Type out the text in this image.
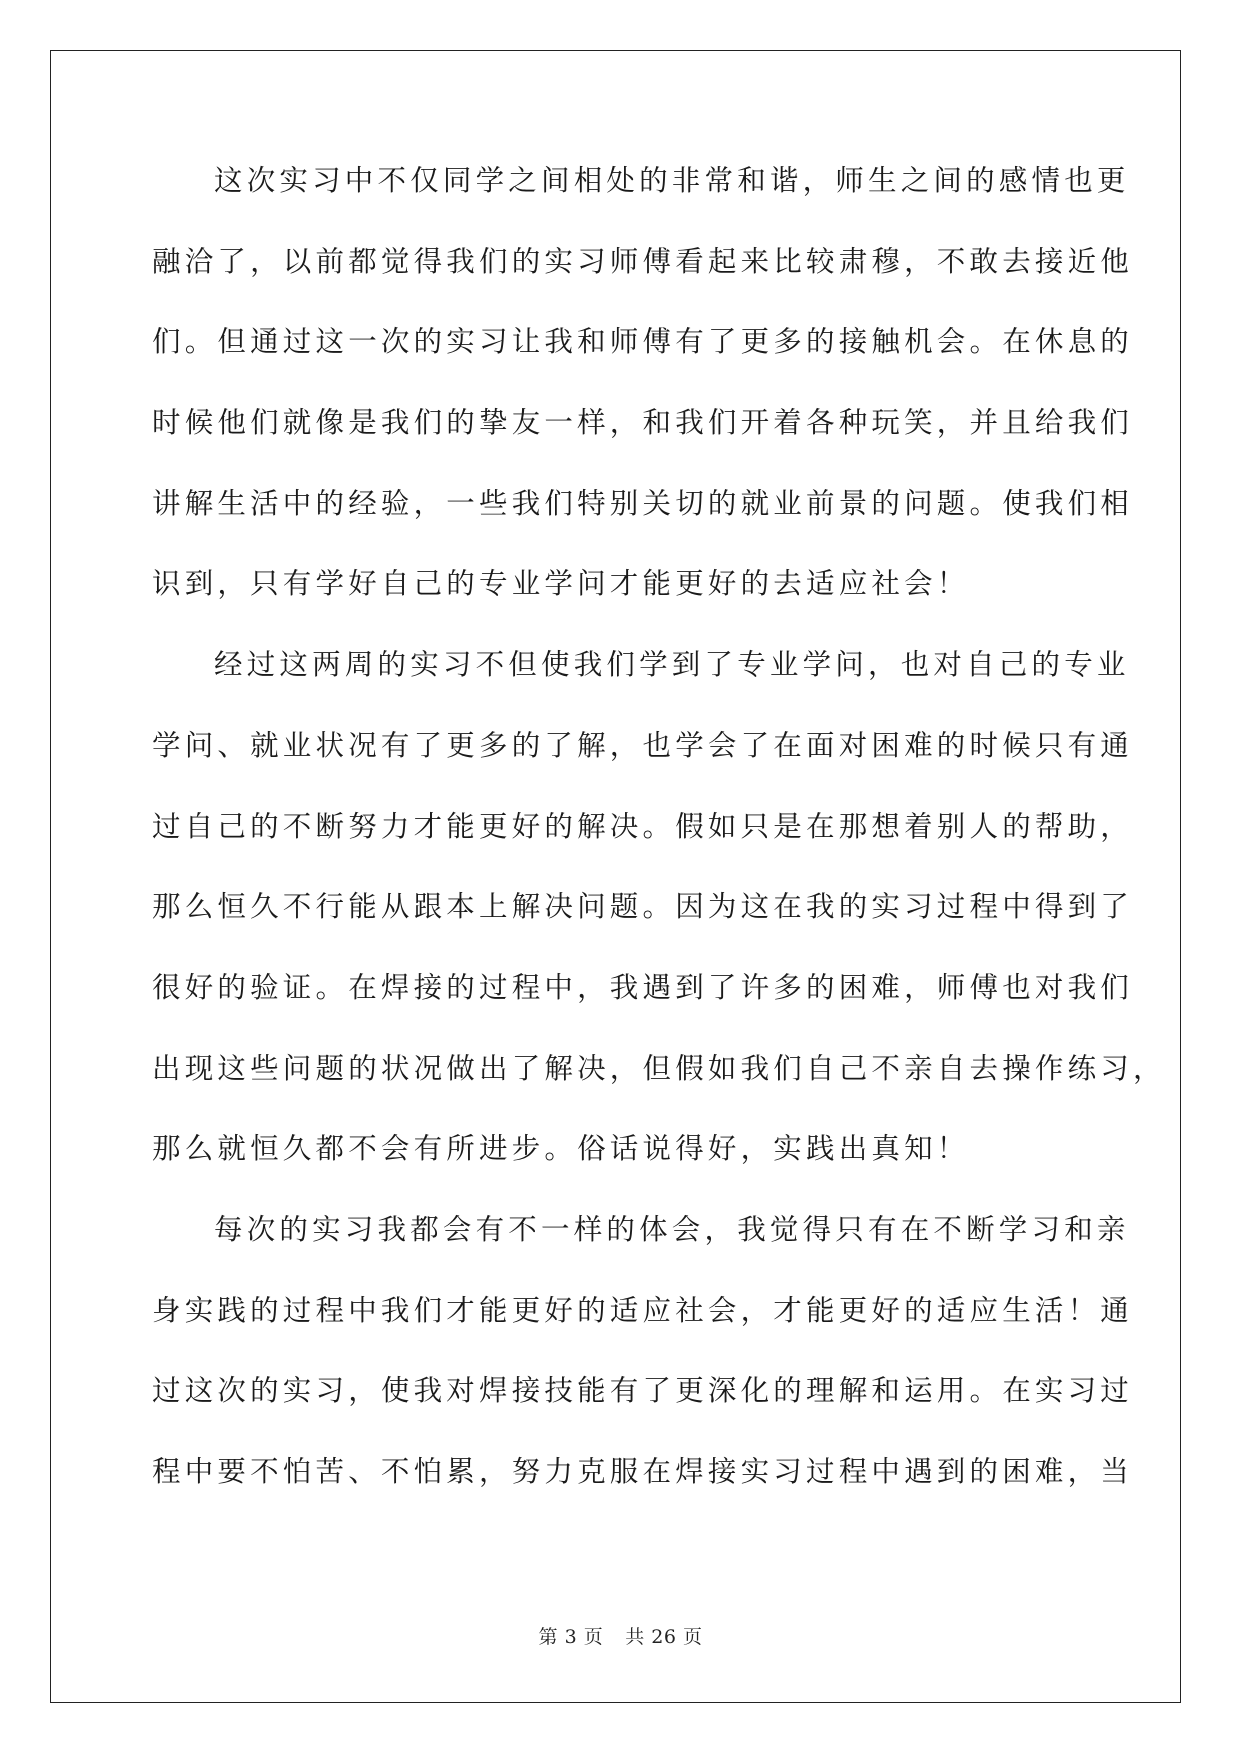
这次实习中不仅同学之间相处的非常和谐，师生之间的感情也更
融洽了，以前都觉得我们的实习师傅看起来比较肃穆，不敢去接近他
们。但通过这一次的实习让我和师傅有了更多的接触机会。在休息的
时候他们就像是我们的挚友一样，和我们开着各种玩笑，并且给我们
讲解生活中的经验，一些我们特别关切的就业前景的问题。使我们相
识到，只有学好自己的专业学问才能更好的去适应社会！
经过这两周的实习不但使我们学到了专业学问，也对自己的专业
学问、就业状况有了更多的了解，也学会了在面对困难的时候只有通
过自己的不断努力才能更好的解决。假如只是在那想着别人的帮助，
那么恒久不行能从跟本上解决问题。因为这在我的实习过程中得到了
很好的验证。在焊接的过程中，我遇到了许多的困难，师傅也对我们
出现这些问题的状况做出了解决，但假如我们自己不亲自去操作练习，
那么就恒久都不会有所进步。俗话说得好，实践出真知！
每次的实习我都会有不一样的体会，我觉得只有在不断学习和亲
身实践的过程中我们才能更好的适应社会，才能更好的适应生活！通
过这次的实习，使我对焊接技能有了更深化的理解和运用。在实习过
程中要不怕苦、不怕累，努力克服在焊接实习过程中遇到的困难，当
第 3 页 共 26 页
